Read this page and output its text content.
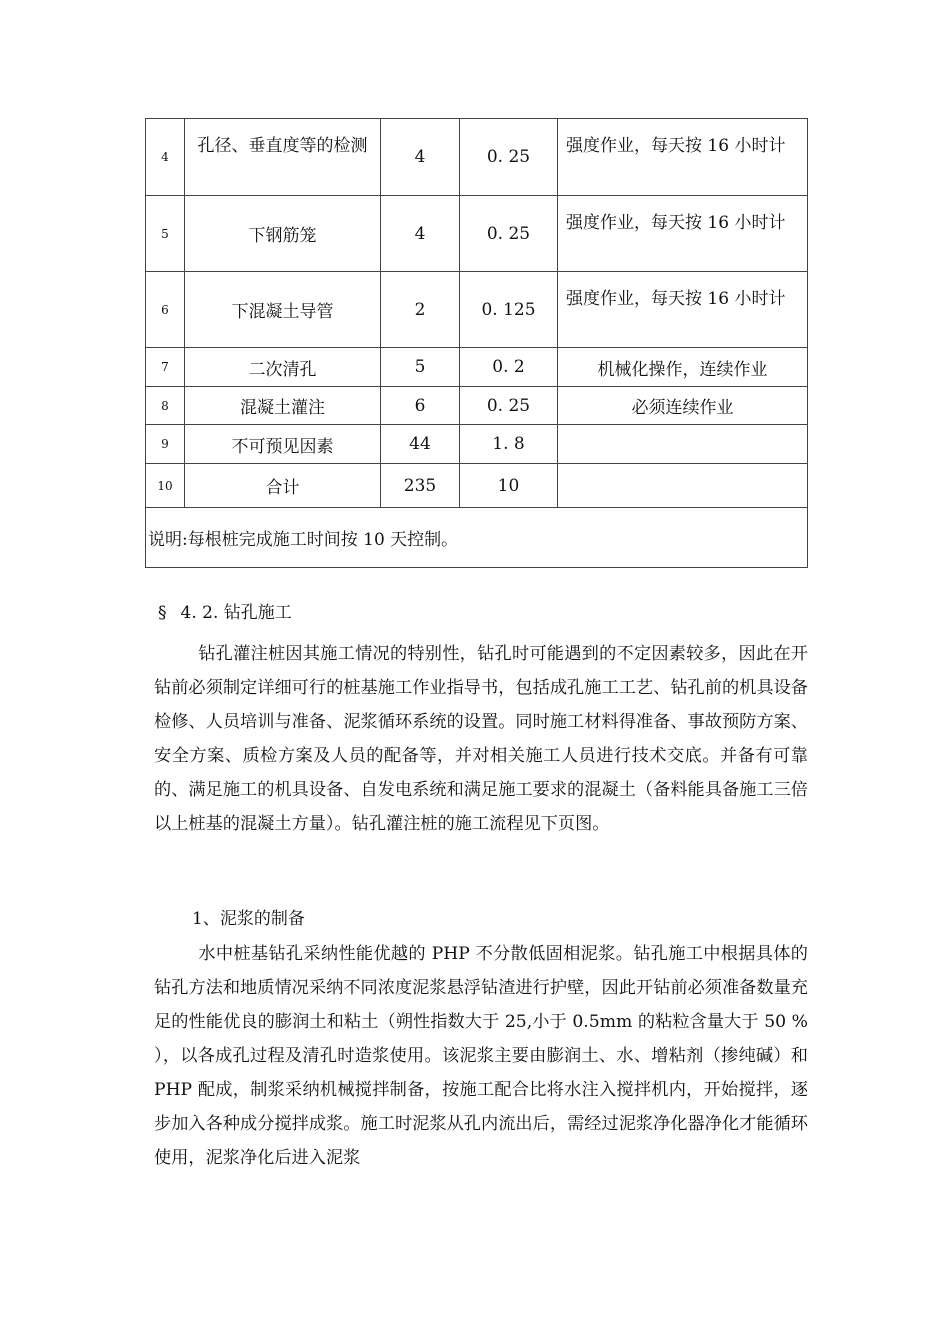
4	孔径、垂直度等的检测	4	0. 25	强度作业，每天按 16 小时计
5	下钢筋笼	4	0. 25	强度作业，每天按 16 小时计
6	下混凝土导管	2	0. 125	强度作业，每天按 16 小时计
7	二次清孔	5	0. 2	机械化操作，连续作业
8	混凝土灌注	6	0. 25	必须连续作业
9	不可预见因素	44	1. 8	
10	合计	235	10	
说明:每根桩完成施工时间按 10 天控制。				
§ 4. 2. 钻孔施工

钻孔灌注桩因其施工情况的特别性，钻孔时可能遇到的不定因素较多，因此在开钻前必须制定详细可行的桩基施工作业指导书，包括成孔施工工艺、钻孔前的机具设备检修、人员培训与准备、泥浆循环系统的设置。同时施工材料得准备、事故预防方案、安全方案、质检方案及人员的配备等，并对相关施工人员进行技术交底。并备有可靠的、满足施工的机具设备、自发电系统和满足施工要求的混凝土（备料能具备施工三倍以上桩基的混凝土方量）。钻孔灌注桩的施工流程见下页图。

1、泥浆的制备

水中桩基钻孔采纳性能优越的 PHP 不分散低固相泥浆。钻孔施工中根据具体的钻孔方法和地质情况采纳不同浓度泥浆悬浮钻渣进行护壁，因此开钻前必须准备数量充足的性能优良的膨润土和粘土（朔性指数大于 25,小于 0.5mm 的粘粒含量大于 50 % ），以各成孔过程及清孔时造浆使用。该泥浆主要由膨润土、水、增粘剂（掺纯碱）和 PHP 配成，制浆采纳机械搅拌制备，按施工配合比将水注入搅拌机内，开始搅拌，逐步加入各种成分搅拌成浆。施工时泥浆从孔内流出后，需经过泥浆净化器净化才能循环使用，泥浆净化后进入泥浆
